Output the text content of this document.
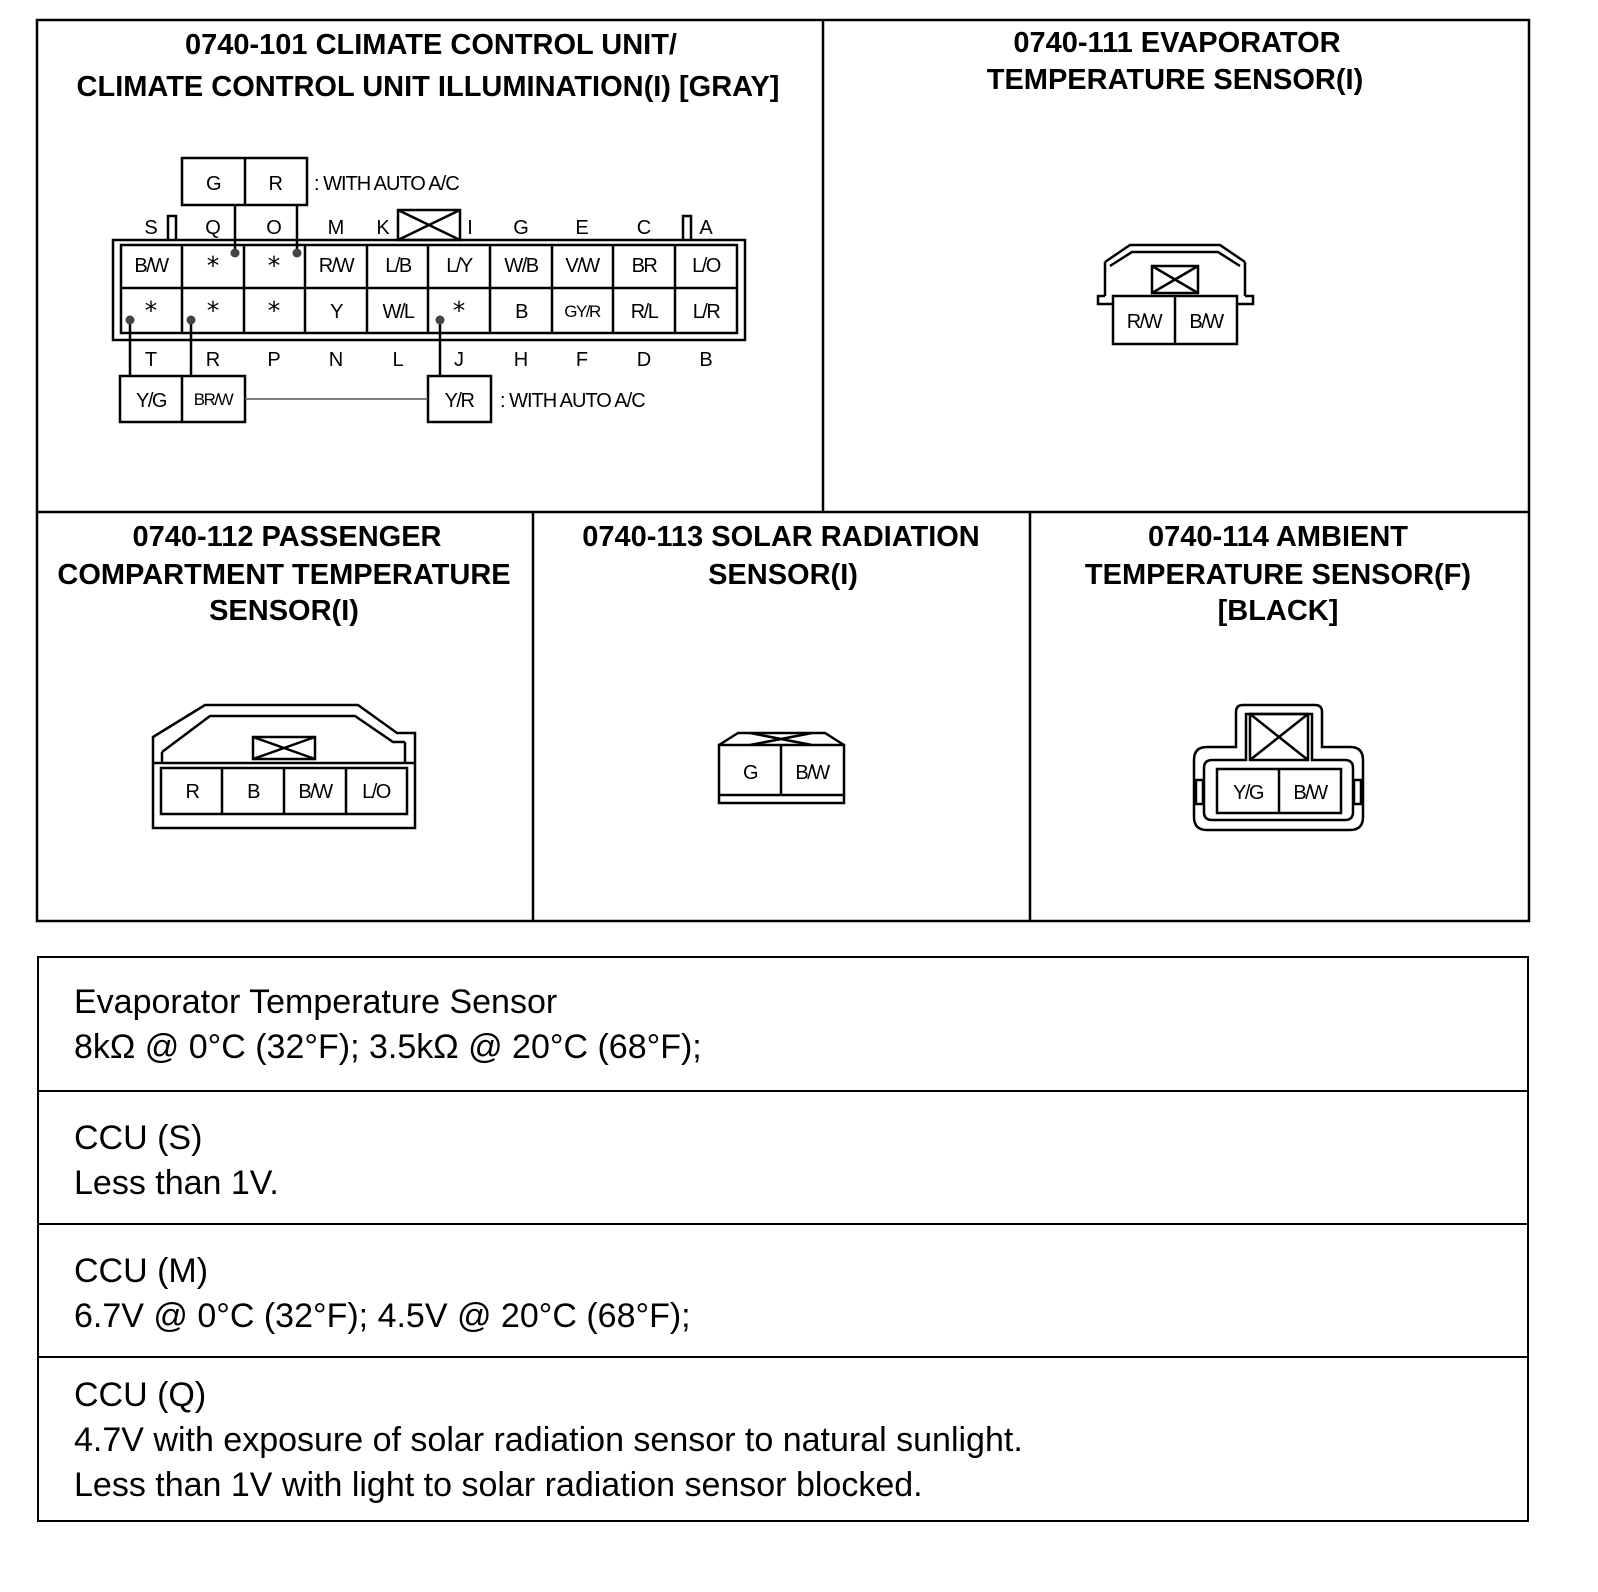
0740-101 CLIMATE CONTROL UNIT/
CLIMATE CONTROL UNIT ILLUMINATION(I) [GRAY]
G R : WITH AUTO A/C
S Q O M K	I G E C A
B/W * * R/W L/B L/Y W/B V/W BR L/O
* * * Y W/L * B GY/R R/L L/R
T R P N L	J H F D B
Y/G BR/W	Y/R : WITH AUTO A/C
0740-111 EVAPORATOR
TEMPERATURE SENSOR(I)
R/W B/W
0740-112 PASSENGER
COMPARTMENT TEMPERATURE
SENSOR(I)
R B B/W L/O
0740-113 SOLAR RADIATION
SENSOR(I)
G B/W
0740-114 AMBIENT
TEMPERATURE SENSOR(F)
[BLACK]
Y/G B/W
Evaporator Temperature Sensor
8kΩ @ 0°C (32°F); 3.5kΩ @ 20°C (68°F);
CCU (S)
Less than 1V.
CCU (M)
6.7V @ 0°C (32°F); 4.5V @ 20°C (68°F);
CCU (Q)
4.7V with exposure of solar radiation sensor to natural sunlight.
Less than 1V with light to solar radiation sensor blocked.
